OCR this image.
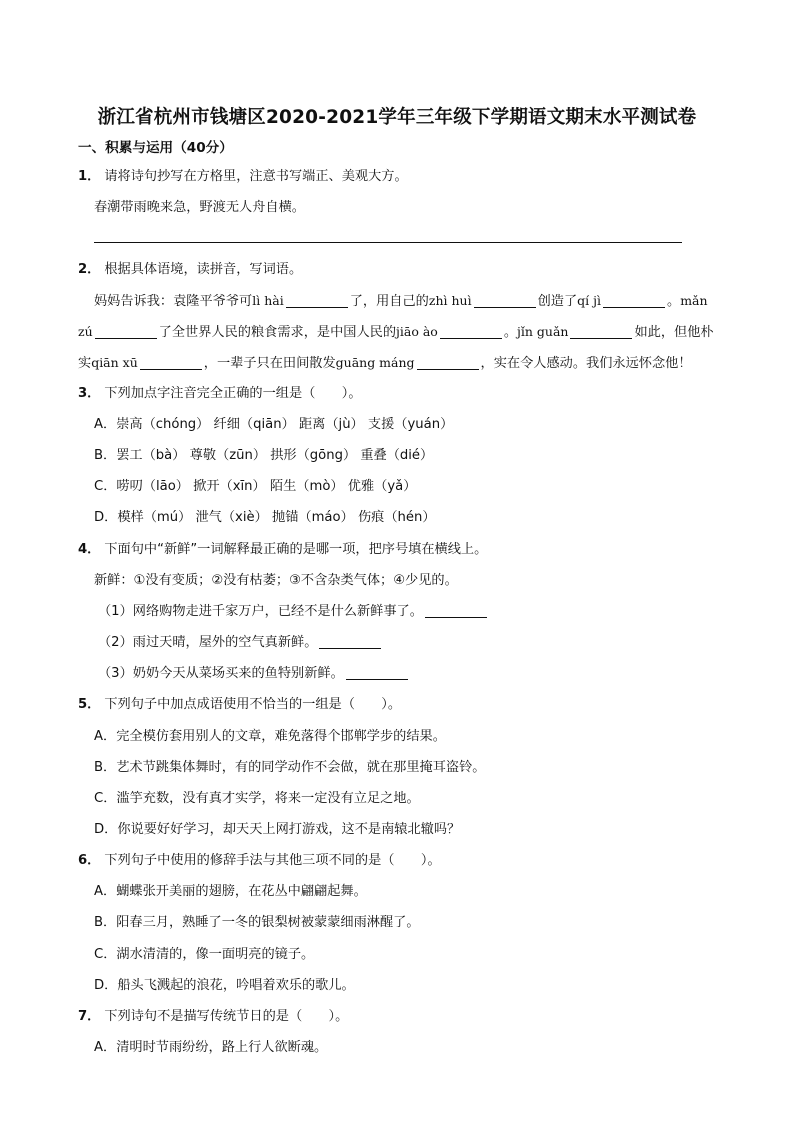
浙江省杭州市钱塘区2020-2021学年三年级下学期语文期末水平测试卷
一、积累与运用（40分）
1． 请将诗句抄写在方格里，注意书写端正、美观大方。
春潮带雨晚来急，野渡无人舟自横。
2． 根据具体语境，读拼音，写词语。
妈妈告诉我：袁隆平爷爷可lì hài	了，用自己的zhì huì	创造了qí jì	。mǎn
zú	了全世界人民的粮食需求，是中国人民的jiāo ào	。jǐn guǎn	如此，但他朴
实qiān xū	，一辈子只在田间散发guāng máng	，实在令人感动。我们永远怀念他！
3． 下列加点字注音完全正确的一组是（　　）。
A．崇高（chóng） 纤细（qiān） 距离（jù） 支援（yuán）
B．罢工（bà） 尊敬（zūn） 拱形（gōng） 重叠（dié）
C．唠叨（lāo） 掀开（xīn） 陌生（mò） 优雅（yǎ）
D．模样（mú） 泄气（xiè） 抛锚（máo） 伤痕（hén）
4． 下面句中“新鲜”一词解释最正确的是哪一项，把序号填在横线上。
新鲜：①没有变质；②没有枯萎；③不含杂类气体；④少见的。
（1）网络购物走进千家万户，已经不是什么新鲜事了。
（2）雨过天晴，屋外的空气真新鲜。
（3）奶奶今天从菜场买来的鱼特别新鲜。
5． 下列句子中加点成语使用不恰当的一组是（　　）。
A．完全模仿套用别人的文章，难免落得个邯郸学步的结果。
B．艺术节跳集体舞时，有的同学动作不会做，就在那里掩耳盗铃。
C．滥竽充数，没有真才实学，将来一定没有立足之地。
D．你说要好好学习，却天天上网打游戏，这不是南辕北辙吗？
6． 下列句子中使用的修辞手法与其他三项不同的是（　　）。
A．蝴蝶张开美丽的翅膀，在花丛中翩翩起舞。
B．阳春三月，熟睡了一冬的银梨树被蒙蒙细雨淋醒了。
C．湖水清清的，像一面明亮的镜子。
D．船头飞溅起的浪花，吟唱着欢乐的歌儿。
7． 下列诗句不是描写传统节日的是（　　）。
A．清明时节雨纷纷，路上行人欲断魂。
